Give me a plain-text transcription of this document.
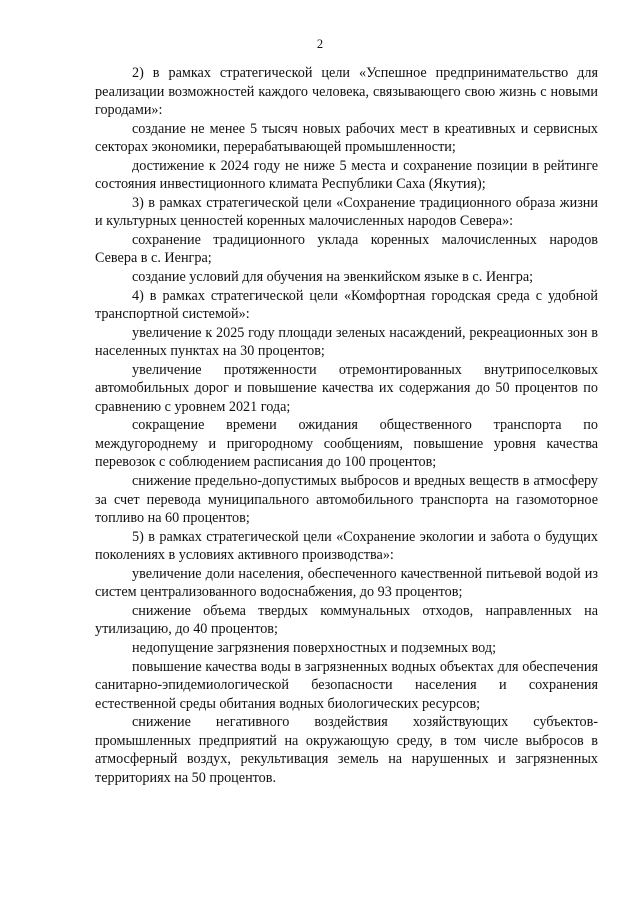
2

2) в рамках стратегической цели «Успешное предпринимательство для реализации возможностей каждого человека, связывающего свою жизнь с новыми городами»:

создание не менее 5 тысяч новых рабочих мест в креативных и сервисных секторах экономики, перерабатывающей промышленности;

достижение к 2024 году не ниже 5 места и сохранение позиции в рейтинге состояния инвестиционного климата Республики Саха (Якутия);

3) в рамках стратегической цели «Сохранение традиционного образа жизни и культурных ценностей коренных малочисленных народов Севера»:

сохранение традиционного уклада коренных малочисленных народов Севера в с. Иенгра;

создание условий для обучения на эвенкийском языке в с. Иенгра;

4) в рамках стратегической цели «Комфортная городская среда с удобной транспортной системой»:

увеличение к 2025 году площади зеленых насаждений, рекреационных зон в населенных пунктах на 30 процентов;

увеличение протяженности отремонтированных внутрипоселковых автомобильных дорог и повышение качества их содержания до 50 процентов по сравнению с уровнем 2021 года;

сокращение времени ожидания общественного транспорта по междугороднему и пригородному сообщениям, повышение уровня качества перевозок с соблюдением расписания до 100 процентов;

снижение предельно-допустимых выбросов и вредных веществ в атмосферу за счет перевода муниципального автомобильного транспорта на газомоторное топливо на 60 процентов;

5) в рамках стратегической цели «Сохранение экологии и забота о будущих поколениях в условиях активного производства»:

увеличение доли населения, обеспеченного качественной питьевой водой из систем централизованного водоснабжения, до 93 процентов;

снижение объема твердых коммунальных отходов, направленных на утилизацию, до 40 процентов;

недопущение загрязнения поверхностных и подземных вод;

повышение качества воды в загрязненных водных объектах для обеспечения санитарно-эпидемиологической безопасности населения и сохранения естественной среды обитания водных биологических ресурсов;

снижение негативного воздействия хозяйствующих субъектов-промышленных предприятий на окружающую среду, в том числе выбросов в атмосферный воздух, рекультивация земель на нарушенных и загрязненных территориях на 50 процентов.
